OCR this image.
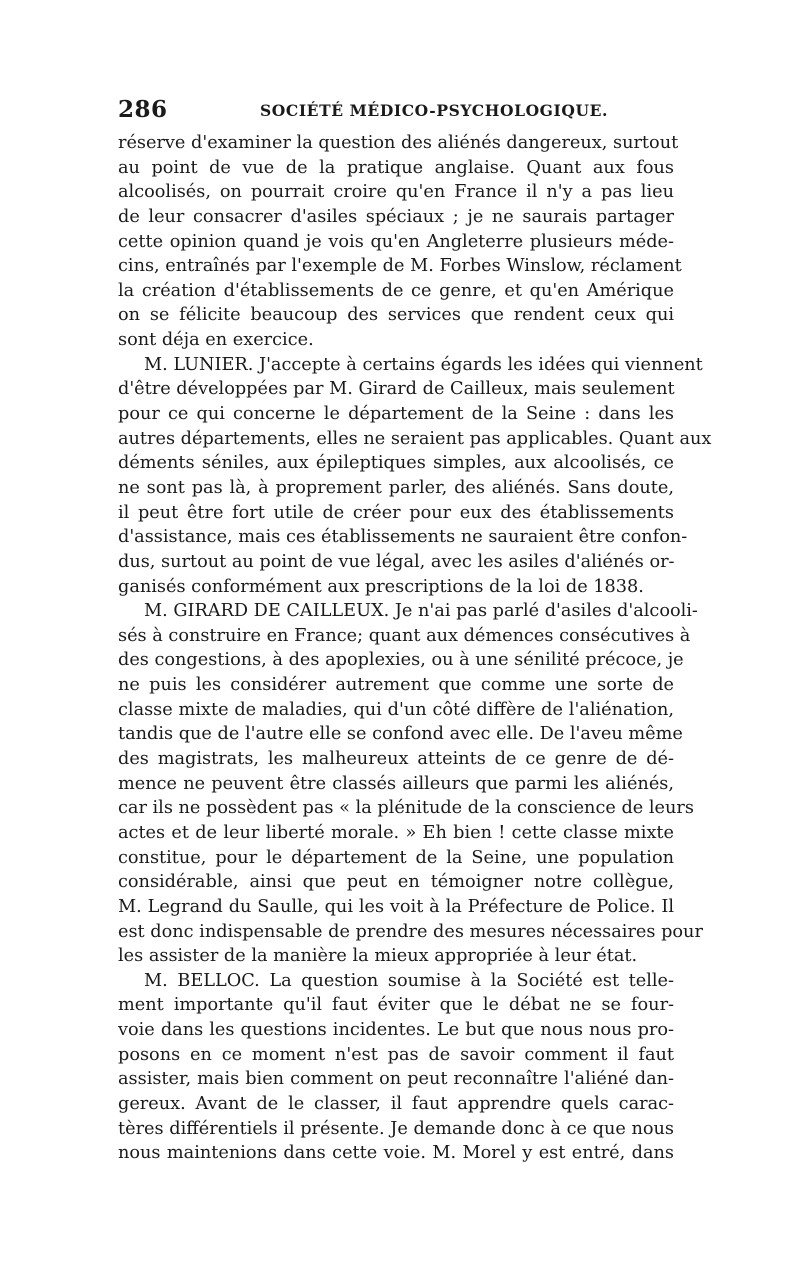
286	SOCIÉTÉ MÉDICO-PSYCHOLOGIQUE.
réserve d'examiner la question des aliénés dangereux, surtout
au point de vue de la pratique anglaise. Quant aux fous
alcoolisés, on pourrait croire qu'en France il n'y a pas lieu
de leur consacrer d'asiles spéciaux ; je ne saurais partager
cette opinion quand je vois qu'en Angleterre plusieurs méde-
cins, entraînés par l'exemple de M. Forbes Winslow, réclament
la création d'établissements de ce genre, et qu'en Amérique
on se félicite beaucoup des services que rendent ceux qui
sont déja en exercice.
M. LUNIER. J'accepte à certains égards les idées qui viennent
d'être développées par M. Girard de Cailleux, mais seulement
pour ce qui concerne le département de la Seine : dans les
autres départements, elles ne seraient pas applicables. Quant aux
déments séniles, aux épileptiques simples, aux alcoolisés, ce
ne sont pas là, à proprement parler, des aliénés. Sans doute,
il peut être fort utile de créer pour eux des établissements
d'assistance, mais ces établissements ne sauraient être confon-
dus, surtout au point de vue légal, avec les asiles d'aliénés or-
ganisés conformément aux prescriptions de la loi de 1838.
M. GIRARD DE CAILLEUX. Je n'ai pas parlé d'asiles d'alcooli-
sés à construire en France; quant aux démences consécutives à
des congestions, à des apoplexies, ou à une sénilité précoce, je
ne puis les considérer autrement que comme une sorte de
classe mixte de maladies, qui d'un côté diffère de l'aliénation,
tandis que de l'autre elle se confond avec elle. De l'aveu même
des magistrats, les malheureux atteints de ce genre de dé-
mence ne peuvent être classés ailleurs que parmi les aliénés,
car ils ne possèdent pas « la plénitude de la conscience de leurs
actes et de leur liberté morale. » Eh bien ! cette classe mixte
constitue, pour le département de la Seine, une population
considérable, ainsi que peut en témoigner notre collègue,
M. Legrand du Saulle, qui les voit à la Préfecture de Police. Il
est donc indispensable de prendre des mesures nécessaires pour
les assister de la manière la mieux appropriée à leur état.
M. BELLOC. La question soumise à la Société est telle-
ment importante qu'il faut éviter que le débat ne se four-
voie dans les questions incidentes. Le but que nous nous pro-
posons en ce moment n'est pas de savoir comment il faut
assister, mais bien comment on peut reconnaître l'aliéné dan-
gereux. Avant de le classer, il faut apprendre quels carac-
tères différentiels il présente. Je demande donc à ce que nous
nous maintenions dans cette voie. M. Morel y est entré, dans
